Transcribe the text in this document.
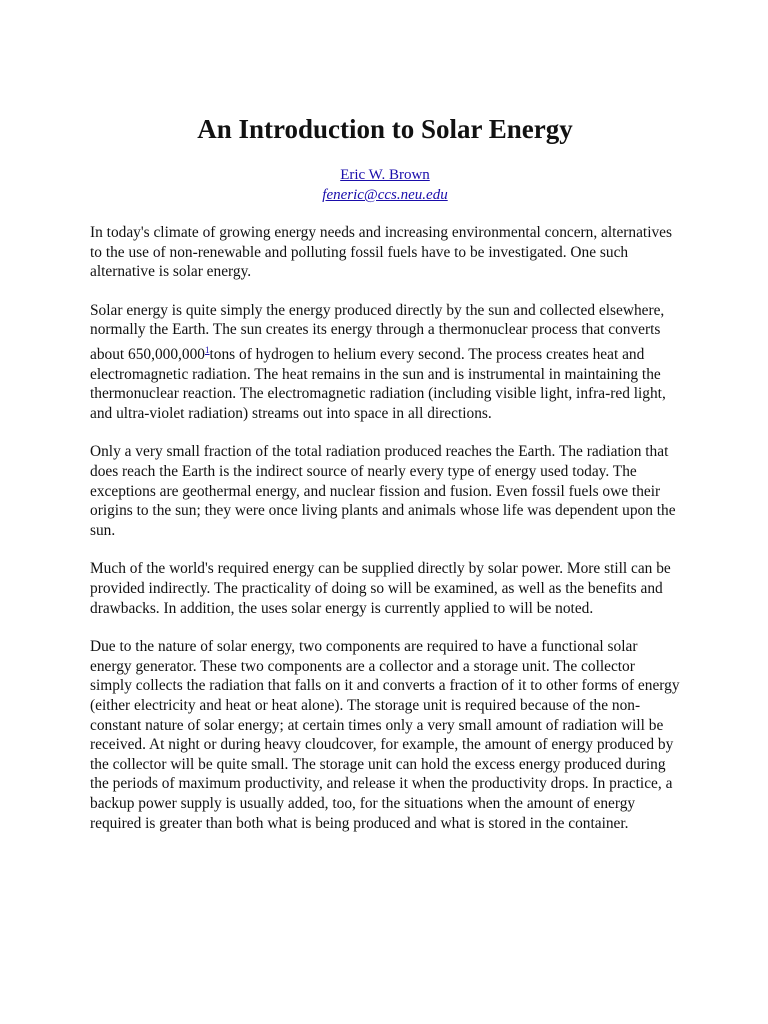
An Introduction to Solar Energy
Eric W. Brown
feneric@ccs.neu.edu

In today's climate of growing energy needs and increasing environmental concern, alternatives to the use of non-renewable and polluting fossil fuels have to be investigated. One such alternative is solar energy.

Solar energy is quite simply the energy produced directly by the sun and collected elsewhere, normally the Earth. The sun creates its energy through a thermonuclear process that converts about 650,000,000$^1$tons of hydrogen to helium every second. The process creates heat and electromagnetic radiation. The heat remains in the sun and is instrumental in maintaining the thermonuclear reaction. The electromagnetic radiation (including visible light, infra-red light, and ultra-violet radiation) streams out into space in all directions.

Only a very small fraction of the total radiation produced reaches the Earth. The radiation that does reach the Earth is the indirect source of nearly every type of energy used today. The exceptions are geothermal energy, and nuclear fission and fusion. Even fossil fuels owe their origins to the sun; they were once living plants and animals whose life was dependent upon the sun.

Much of the world's required energy can be supplied directly by solar power. More still can be provided indirectly. The practicality of doing so will be examined, as well as the benefits and drawbacks. In addition, the uses solar energy is currently applied to will be noted.

Due to the nature of solar energy, two components are required to have a functional solar energy generator. These two components are a collector and a storage unit. The collector simply collects the radiation that falls on it and converts a fraction of it to other forms of energy (either electricity and heat or heat alone). The storage unit is required because of the non-constant nature of solar energy; at certain times only a very small amount of radiation will be received. At night or during heavy cloudcover, for example, the amount of energy produced by the collector will be quite small. The storage unit can hold the excess energy produced during the periods of maximum productivity, and release it when the productivity drops. In practice, a backup power supply is usually added, too, for the situations when the amount of energy required is greater than both what is being produced and what is stored in the container.
